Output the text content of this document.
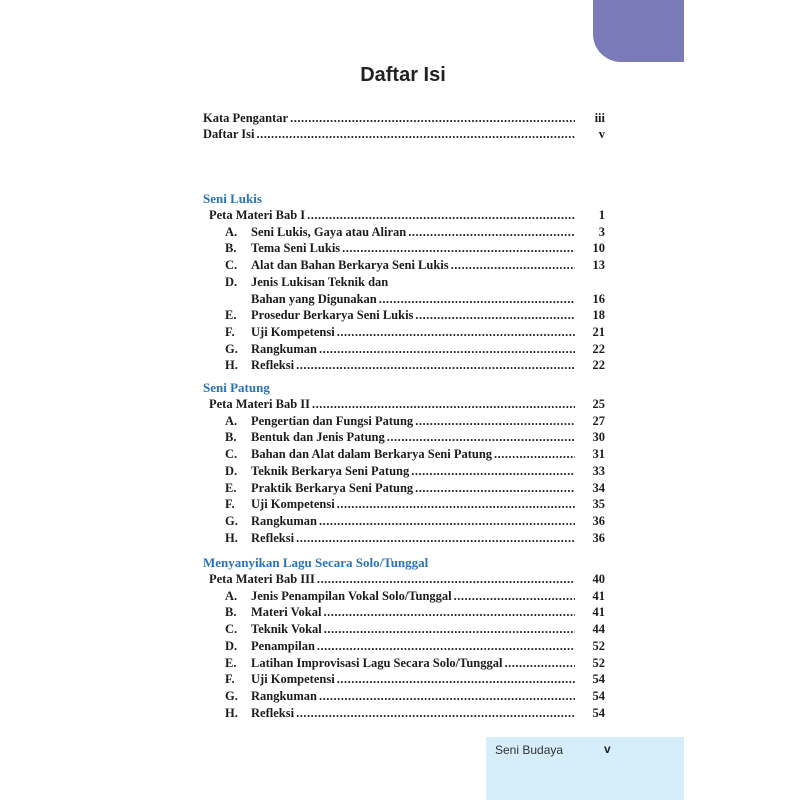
Daftar Isi
Kata Pengantar .....	iii
Daftar Isi .....	v
Seni Lukis
Peta Materi Bab I .....	1
A.	Seni Lukis, Gaya atau Aliran .....	3
B.	Tema Seni Lukis .....	10
C.	Alat dan Bahan Berkarya Seni Lukis .....	13
D. Jenis Lukisan Teknik dan
Bahan yang Digunakan .....	16
E.	Prosedur Berkarya Seni Lukis .....	18
F.	Uji Kompetensi .....	21
G.	Rangkuman .....	22
H.	Refleksi .....	22
Seni Patung
Peta Materi Bab II .....	25
A.	Pengertian dan Fungsi Patung .....	27
B.	Bentuk dan Jenis Patung .....	30
C.	Bahan dan Alat dalam Berkarya Seni Patung .....	31
D.	Teknik Berkarya Seni Patung .....	33
E.	Praktik Berkarya Seni Patung .....	34
F.	Uji Kompetensi .....	35
G.	Rangkuman .....	36
H.	Refleksi .....	36
Menyanyikan Lagu Secara Solo/Tunggal
Peta Materi Bab III .....	40
A.	Jenis Penampilan Vokal Solo/Tunggal .....	41
B.	Materi Vokal .....	41
C.	Teknik Vokal .....	44
D.	Penampilan .....	52
E.	Latihan Improvisasi Lagu Secara Solo/Tunggal .....	52
F.	Uji Kompetensi .....	54
G.	Rangkuman .....	54
H.	Refleksi .....	54
Seni Budaya	v
